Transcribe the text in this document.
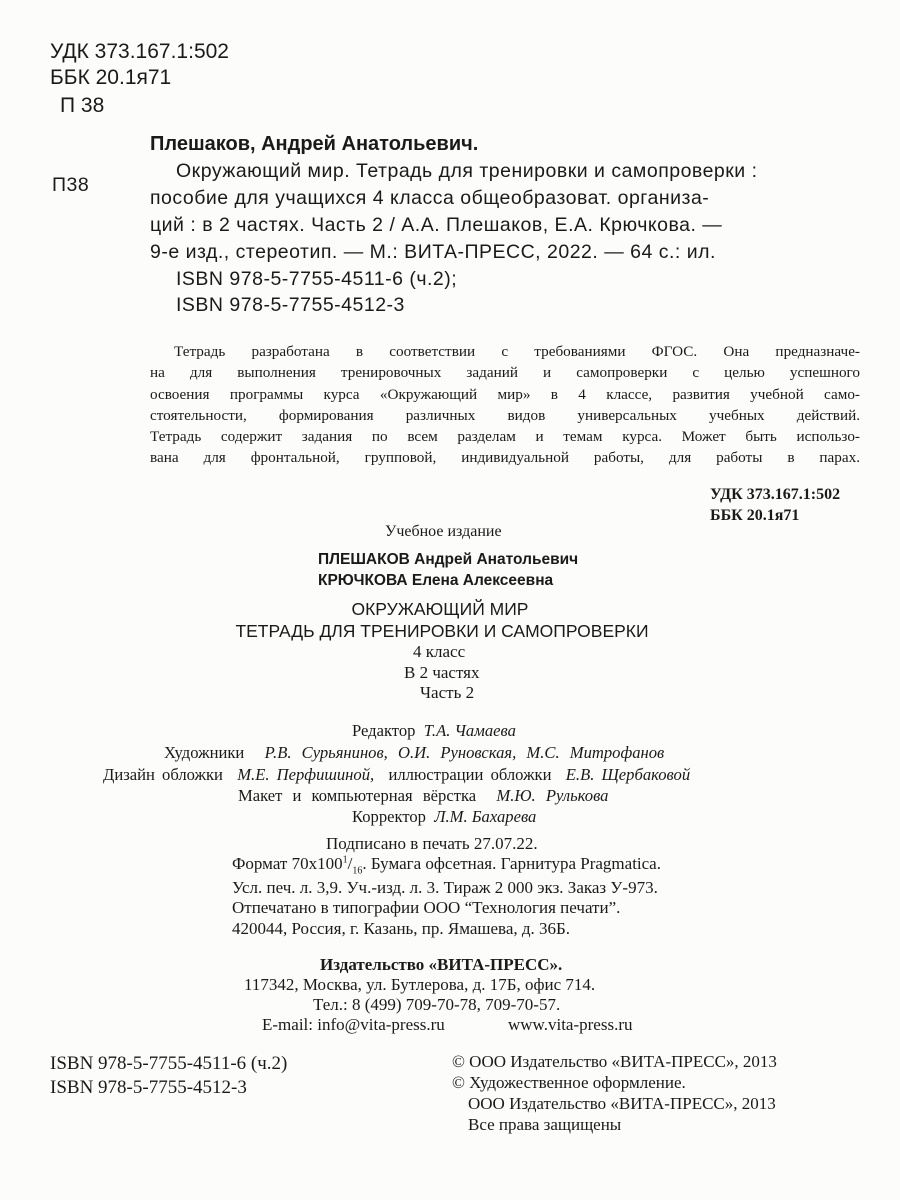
УДК 373.167.1:502
ББК 20.1я71
П 38
Плешаков, Андрей Анатольевич.
П38
Окружающий мир. Тетрадь для тренировки и самопроверки :
пособие для учащихся 4 класса общеобразоват. организа-
ций : в 2 частях. Часть 2 / А.А. Плешаков, Е.А. Крючкова. —
9-е изд., стереотип. — М.: ВИТА-ПРЕСС, 2022. — 64 с.: ил.
ISBN 978-5-7755-4511-6 (ч.2);
ISBN 978-5-7755-4512-3
Тетрадь разработана в соответствии с требованиями ФГОС. Она предназначе-
на для выполнения тренировочных заданий и самопроверки с целью успешного
освоения программы курса «Окружающий мир» в 4 классе, развития учебной само-
стоятельности, формирования различных видов универсальных учебных действий.
Тетрадь содержит задания по всем разделам и темам курса. Может быть использо-
вана для фронтальной, групповой, индивидуальной работы, для работы в парах.
УДК 373.167.1:502
ББК 20.1я71
Учебное издание
ПЛЕШАКОВ Андрей Анатольевич
КРЮЧКОВА Елена Алексеевна
ОКРУЖАЮЩИЙ МИР
ТЕТРАДЬ ДЛЯ ТРЕНИРОВКИ И САМОПРОВЕРКИ
4 класс
В 2 частях
Часть 2
Редактор Т.А. Чамаева
Художники Р.В. Сурьянинов, О.И. Руновская, М.С. Митрофанов
Дизайн обложки М.Е. Перфишиной, иллюстрации обложки Е.В. Щербаковой
Макет и компьютерная вёрстка М.Ю. Рулькова
Корректор Л.М. Бахарева
Подписано в печать 27.07.22.
Формат $70x100^1/_{16}$. Бумага офсетная. Гарнитура Pragmatica.
Усл. печ. л. 3,9. Уч.-изд. л. 3. Тираж 2 000 экз. Заказ У-973.
Отпечатано в типографии ООО “Технология печати”.
420044, Россия, г. Казань, пр. Ямашева, д. 36Б.
Издательство «ВИТА-ПРЕСС».
117342, Москва, ул. Бутлерова, д. 17Б, офис 714.
Тел.: 8 (499) 709-70-78, 709-70-57.
E-mail: info@vita-press.ru	www.vita-press.ru
ISBN 978-5-7755-4511-6 (ч.2)
ISBN 978-5-7755-4512-3
© ООО Издательство «ВИТА-ПРЕСС», 2013
© Художественное оформление.
ООО Издательство «ВИТА-ПРЕСС», 2013
Все права защищены
